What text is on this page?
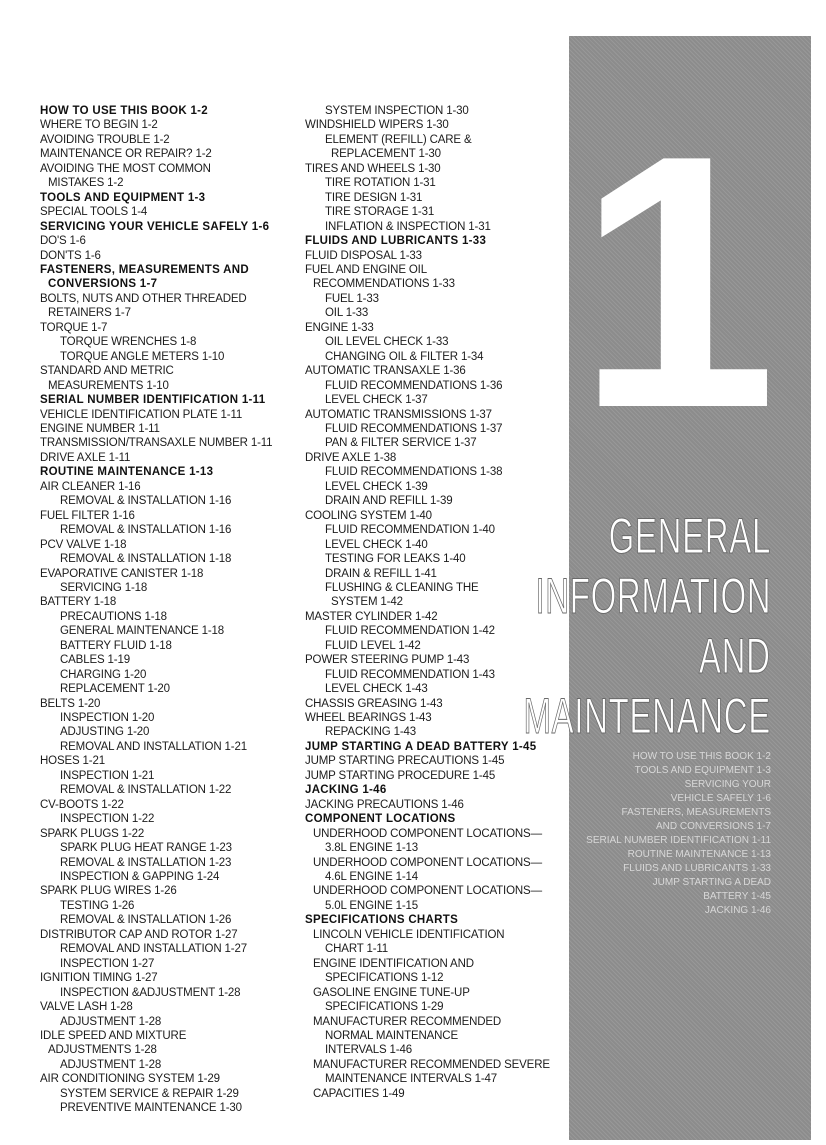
HOW TO USE THIS BOOK 1-2
WHERE TO BEGIN 1-2
AVOIDING TROUBLE 1-2
MAINTENANCE OR REPAIR? 1-2
AVOIDING THE MOST COMMON
MISTAKES 1-2
TOOLS AND EQUIPMENT 1-3
SPECIAL TOOLS 1-4
SERVICING YOUR VEHICLE SAFELY 1-6
DO'S 1-6
DON'TS 1-6
FASTENERS, MEASUREMENTS AND
CONVERSIONS 1-7
BOLTS, NUTS AND OTHER THREADED
RETAINERS 1-7
TORQUE 1-7
TORQUE WRENCHES 1-8
TORQUE ANGLE METERS 1-10
STANDARD AND METRIC
MEASUREMENTS 1-10
SERIAL NUMBER IDENTIFICATION 1-11
VEHICLE IDENTIFICATION PLATE 1-11
ENGINE NUMBER 1-11
TRANSMISSION/TRANSAXLE NUMBER 1-11
DRIVE AXLE 1-11
ROUTINE MAINTENANCE 1-13
AIR CLEANER 1-16
REMOVAL & INSTALLATION 1-16
FUEL FILTER 1-16
REMOVAL & INSTALLATION 1-16
PCV VALVE 1-18
REMOVAL & INSTALLATION 1-18
EVAPORATIVE CANISTER 1-18
SERVICING 1-18
BATTERY 1-18
PRECAUTIONS 1-18
GENERAL MAINTENANCE 1-18
BATTERY FLUID 1-18
CABLES 1-19
CHARGING 1-20
REPLACEMENT 1-20
BELTS 1-20
INSPECTION 1-20
ADJUSTING 1-20
REMOVAL AND INSTALLATION 1-21
HOSES 1-21
INSPECTION 1-21
REMOVAL & INSTALLATION 1-22
CV-BOOTS 1-22
INSPECTION 1-22
SPARK PLUGS 1-22
SPARK PLUG HEAT RANGE 1-23
REMOVAL & INSTALLATION 1-23
INSPECTION & GAPPING 1-24
SPARK PLUG WIRES 1-26
TESTING 1-26
REMOVAL & INSTALLATION 1-26
DISTRIBUTOR CAP AND ROTOR 1-27
REMOVAL AND INSTALLATION 1-27
INSPECTION 1-27
IGNITION TIMING 1-27
INSPECTION &ADJUSTMENT 1-28
VALVE LASH 1-28
ADJUSTMENT 1-28
IDLE SPEED AND MIXTURE
ADJUSTMENTS 1-28
ADJUSTMENT 1-28
AIR CONDITIONING SYSTEM 1-29
SYSTEM SERVICE & REPAIR 1-29
PREVENTIVE MAINTENANCE 1-30
SYSTEM INSPECTION 1-30
WINDSHIELD WIPERS 1-30
ELEMENT (REFILL) CARE &
REPLACEMENT 1-30
TIRES AND WHEELS 1-30
TIRE ROTATION 1-31
TIRE DESIGN 1-31
TIRE STORAGE 1-31
INFLATION & INSPECTION 1-31
FLUIDS AND LUBRICANTS 1-33
FLUID DISPOSAL 1-33
FUEL AND ENGINE OIL
RECOMMENDATIONS 1-33
FUEL 1-33
OIL 1-33
ENGINE 1-33
OIL LEVEL CHECK 1-33
CHANGING OIL & FILTER 1-34
AUTOMATIC TRANSAXLE 1-36
FLUID RECOMMENDATIONS 1-36
LEVEL CHECK 1-37
AUTOMATIC TRANSMISSIONS 1-37
FLUID RECOMMENDATIONS 1-37
PAN & FILTER SERVICE 1-37
DRIVE AXLE 1-38
FLUID RECOMMENDATIONS 1-38
LEVEL CHECK 1-39
DRAIN AND REFILL 1-39
COOLING SYSTEM 1-40
FLUID RECOMMENDATION 1-40
LEVEL CHECK 1-40
TESTING FOR LEAKS 1-40
DRAIN & REFILL 1-41
FLUSHING & CLEANING THE
SYSTEM 1-42
MASTER CYLINDER 1-42
FLUID RECOMMENDATION 1-42
FLUID LEVEL 1-42
POWER STEERING PUMP 1-43
FLUID RECOMMENDATION 1-43
LEVEL CHECK 1-43
CHASSIS GREASING 1-43
WHEEL BEARINGS 1-43
REPACKING 1-43
JUMP STARTING A DEAD BATTERY 1-45
JUMP STARTING PRECAUTIONS 1-45
JUMP STARTING PROCEDURE 1-45
JACKING 1-46
JACKING PRECAUTIONS 1-46
COMPONENT LOCATIONS
UNDERHOOD COMPONENT LOCATIONS—
3.8L ENGINE 1-13
UNDERHOOD COMPONENT LOCATIONS—
4.6L ENGINE 1-14
UNDERHOOD COMPONENT LOCATIONS—
5.0L ENGINE 1-15
SPECIFICATIONS CHARTS
LINCOLN VEHICLE IDENTIFICATION
CHART 1-11
ENGINE IDENTIFICATION AND
SPECIFICATIONS 1-12
GASOLINE ENGINE TUNE-UP
SPECIFICATIONS 1-29
MANUFACTURER RECOMMENDED
NORMAL MAINTENANCE
INTERVALS 1-46
MANUFACTURER RECOMMENDED SEVERE
MAINTENANCE INTERVALS 1-47
CAPACITIES 1-49
1
GENERAL
INFORMATION
AND
MAINTENANCE
HOW TO USE THIS BOOK 1-2
TOOLS AND EQUIPMENT 1-3
SERVICING YOUR
VEHICLE SAFELY 1-6
FASTENERS, MEASUREMENTS
AND CONVERSIONS 1-7
SERIAL NUMBER IDENTIFICATION 1-11
ROUTINE MAINTENANCE 1-13
FLUIDS AND LUBRICANTS 1-33
JUMP STARTING A DEAD
BATTERY 1-45
JACKING 1-46
